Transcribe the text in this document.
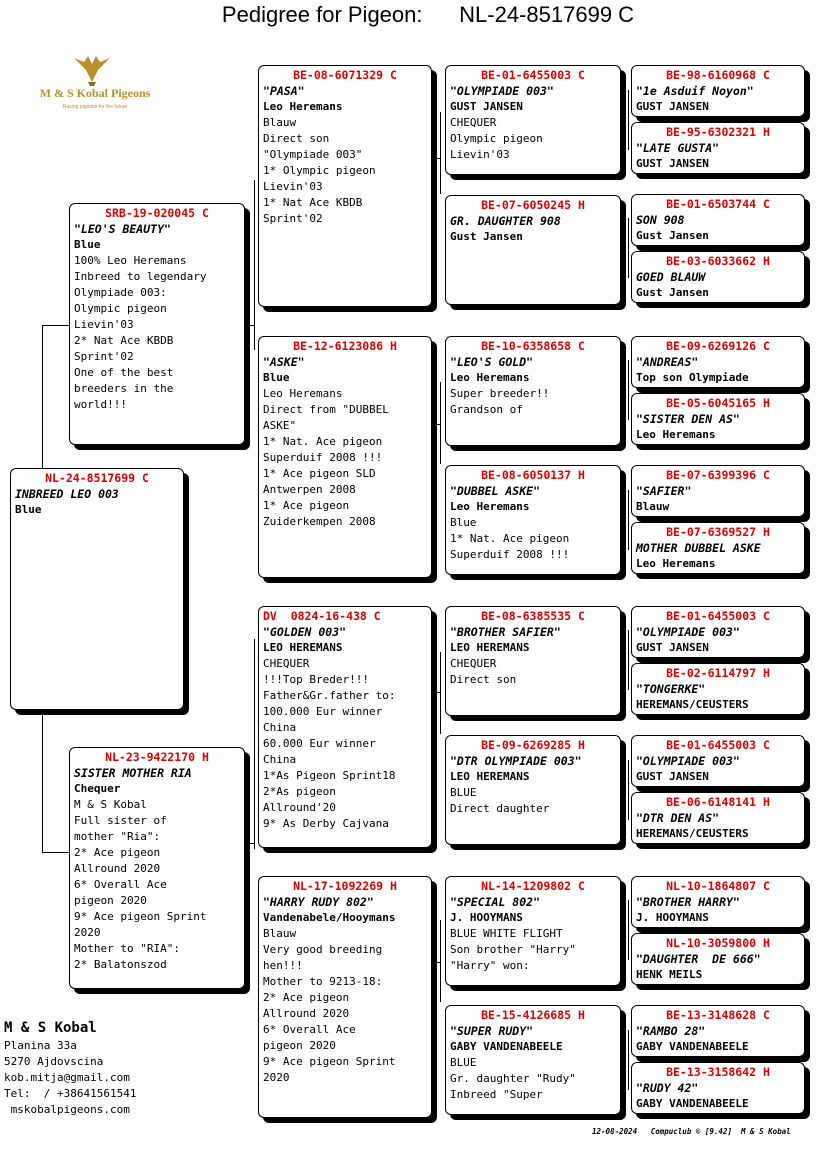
Pedigree for Pigeon:      NL-24-8517699 C
M & S Kobal Pigeons
Racing pigeons for the future
NL-24-8517699 C
INBREED LEO 003
Blue
SRB-19-020045 C
"LEO'S BEAUTY"
Blue
100% Leo Heremans
Inbreed to legendary
Olympiade 003:
Olympic pigeon
Lievin'03
2* Nat Ace KBDB
Sprint'02
One of the best
breeders in the
world!!!
NL-23-9422170 H
SISTER MOTHER RIA
Chequer
M & S Kobal
Full sister of
mother "Ria":
2* Ace pigeon
Allround 2020
6* Overall Ace
pigeon 2020
9* Ace pigeon Sprint
2020
Mother to "RIA":
2* Balatonszod
BE-08-6071329 C
"PASA"
Leo Heremans
Blauw
Direct son
"Olympiade 003"
1* Olympic pigeon
Lievin'03
1* Nat Ace KBDB
Sprint'02
BE-12-6123086 H
"ASKE"
Blue
Leo Heremans
Direct from "DUBBEL
ASKE"
1* Nat. Ace pigeon
Superduif 2008 !!!
1* Ace pigeon SLD
Antwerpen 2008
1* Ace pigeon
Zuiderkempen 2008
DV  0824-16-438 C
"GOLDEN 003"
LEO HEREMANS
CHEQUER
!!!Top Breder!!!
Father&Gr.father to:
100.000 Eur winner
China
60.000 Eur winner
China
1*As Pigeon Sprint18
2*As pigeon
Allround'20
9* As Derby Cajvana
NL-17-1092269 H
"HARRY RUDY 802"
Vandenabele/Hooymans
Blauw
Very good breeding
hen!!!
Mother to 9213-18:
2* Ace pigeon
Allround 2020
6* Overall Ace
pigeon 2020
9* Ace pigeon Sprint
2020
BE-01-6455003 C
"OLYMPIADE 003"
GUST JANSEN
CHEQUER
Olympic pigeon
Lievin'03
BE-07-6050245 H
GR. DAUGHTER 908
Gust Jansen
BE-10-6358658 C
"LEO'S GOLD"
Leo Heremans
Super breeder!!
Grandson of
BE-08-6050137 H
"DUBBEL ASKE"
Leo Heremans
Blue
1* Nat. Ace pigeon
Superduif 2008 !!!
BE-08-6385535 C
"BROTHER SAFIER"
LEO HEREMANS
CHEQUER
Direct son
BE-09-6269285 H
"DTR OLYMPIADE 003"
LEO HEREMANS
BLUE
Direct daughter
NL-14-1209802 C
"SPECIAL 802"
J. HOOYMANS
BLUE WHITE FLIGHT
Son brother "Harry"
"Harry" won:
BE-15-4126685 H
"SUPER RUDY"
GABY VANDENABEELE
BLUE
Gr. daughter "Rudy"
Inbreed "Super
BE-98-6160968 C
"1e Asduif Noyon"
GUST JANSEN
BE-95-6302321 H
"LATE GUSTA"
GUST JANSEN
BE-01-6503744 C
SON 908
Gust Jansen
BE-03-6033662 H
GOED BLAUW
Gust Jansen
BE-09-6269126 C
"ANDREAS"
Top son Olympiade
BE-05-6045165 H
"SISTER DEN AS"
Leo Heremans
BE-07-6399396 C
"SAFIER"
Blauw
BE-07-6369527 H
MOTHER DUBBEL ASKE
Leo Heremans
BE-01-6455003 C
"OLYMPIADE 003"
GUST JANSEN
BE-02-6114797 H
"TONGERKE"
HEREMANS/CEUSTERS
BE-01-6455003 C
"OLYMPIADE 003"
GUST JANSEN
BE-06-6148141 H
"DTR DEN AS"
HEREMANS/CEUSTERS
NL-10-1864807 C
"BROTHER HARRY"
J. HOOYMANS
NL-10-3059800 H
"DAUGHTER  DE 666"
HENK MEILS
BE-13-3148628 C
"RAMBO 28"
GABY VANDENABEELE
BE-13-3158642 H
"RUDY 42"
GABY VANDENABEELE
M & S Kobal
Planina 33a
5270 Ajdovscina
kob.mitja@gmail.com
Tel:  / +38641561541
mskobalpigeons.com
12-08-2024   Compuclub © [9.42]  M & S Kobal
